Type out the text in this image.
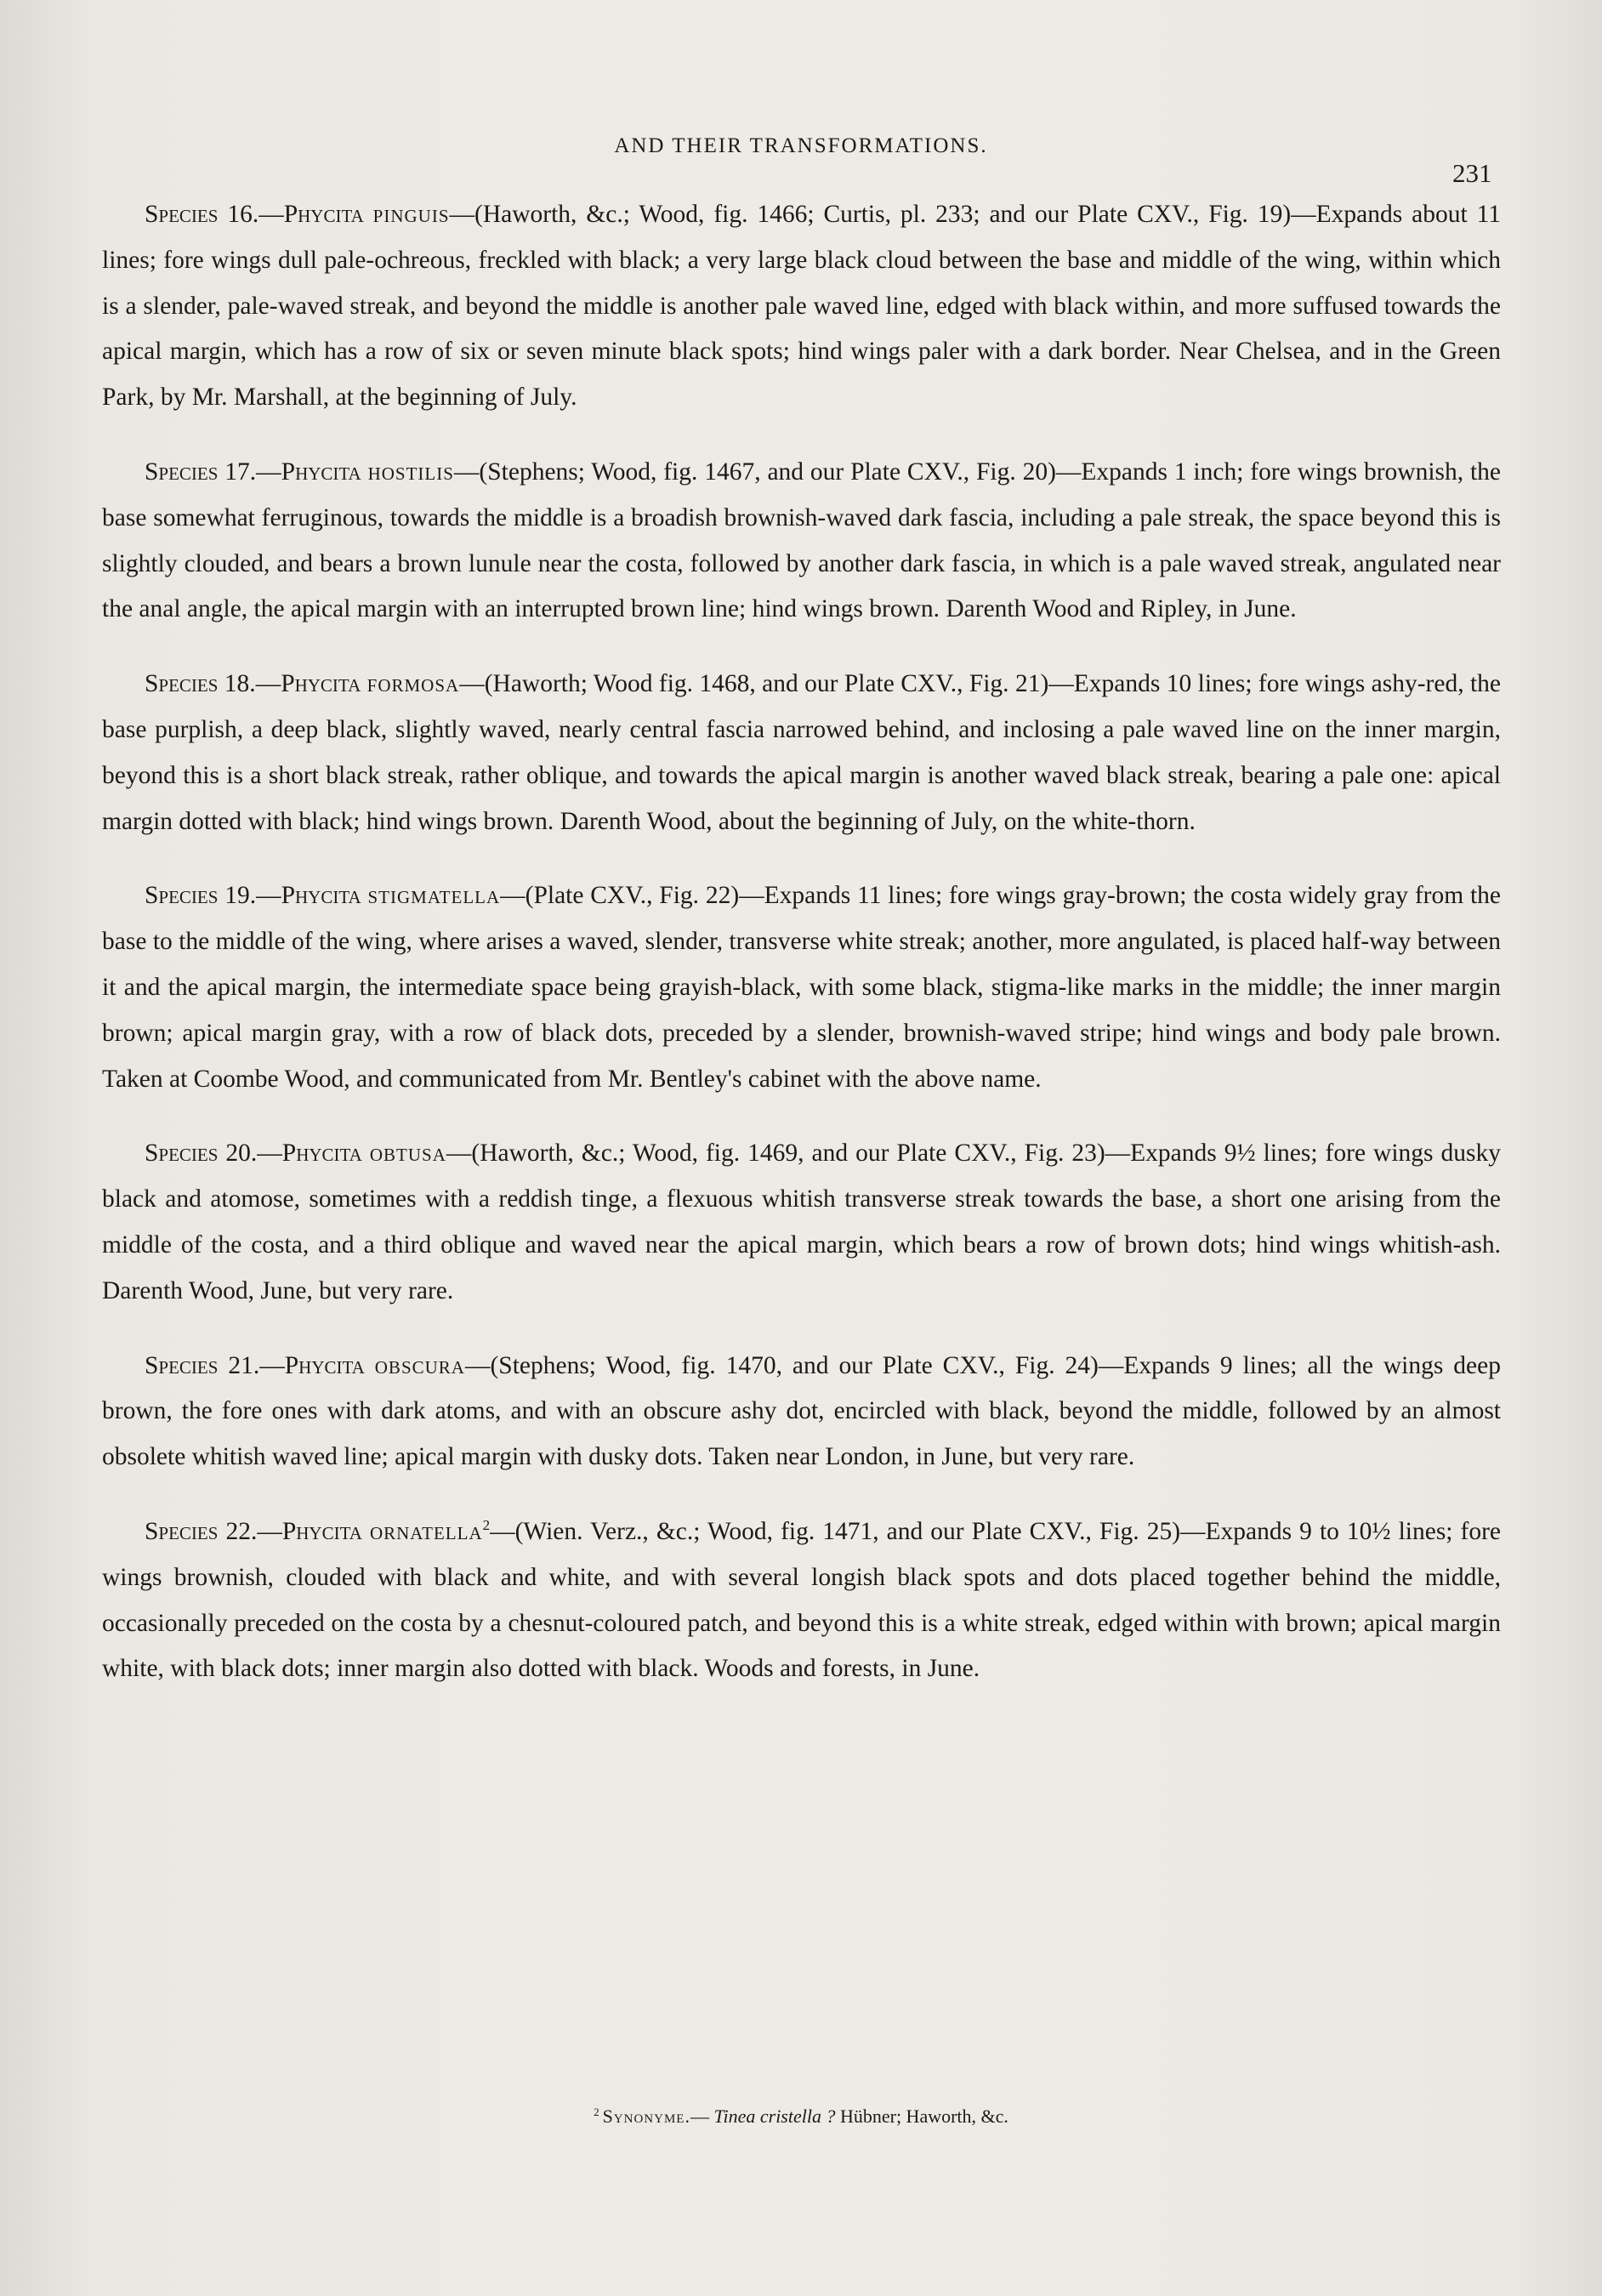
AND THEIR TRANSFORMATIONS.
231

Species 16.—Phycita pinguis—(Haworth, &c.; Wood, fig. 1466; Curtis, pl. 233; and our Plate CXV., Fig. 19)—Expands about 11 lines; fore wings dull pale-ochreous, freckled with black; a very large black cloud between the base and middle of the wing, within which is a slender, pale-waved streak, and beyond the middle is another pale waved line, edged with black within, and more suffused towards the apical margin, which has a row of six or seven minute black spots; hind wings paler with a dark border. Near Chelsea, and in the Green Park, by Mr. Marshall, at the beginning of July.

Species 17.—Phycita hostilis—(Stephens; Wood, fig. 1467, and our Plate CXV., Fig. 20)—Expands 1 inch; fore wings brownish, the base somewhat ferruginous, towards the middle is a broadish brownish-waved dark fascia, including a pale streak, the space beyond this is slightly clouded, and bears a brown lunule near the costa, followed by another dark fascia, in which is a pale waved streak, angulated near the anal angle, the apical margin with an interrupted brown line; hind wings brown. Darenth Wood and Ripley, in June.

Species 18.—Phycita formosa—(Haworth; Wood fig. 1468, and our Plate CXV., Fig. 21)—Expands 10 lines; fore wings ashy-red, the base purplish, a deep black, slightly waved, nearly central fascia narrowed behind, and inclosing a pale waved line on the inner margin, beyond this is a short black streak, rather oblique, and towards the apical margin is another waved black streak, bearing a pale one: apical margin dotted with black; hind wings brown. Darenth Wood, about the beginning of July, on the white-thorn.

Species 19.—Phycita stigmatella—(Plate CXV., Fig. 22)—Expands 11 lines; fore wings gray-brown; the costa widely gray from the base to the middle of the wing, where arises a waved, slender, transverse white streak; another, more angulated, is placed half-way between it and the apical margin, the intermediate space being grayish-black, with some black, stigma-like marks in the middle; the inner margin brown; apical margin gray, with a row of black dots, preceded by a slender, brownish-waved stripe; hind wings and body pale brown. Taken at Coombe Wood, and communicated from Mr. Bentley's cabinet with the above name.

Species 20.—Phycita obtusa—(Haworth, &c.; Wood, fig. 1469, and our Plate CXV., Fig. 23)—Expands 9½ lines; fore wings dusky black and atomose, sometimes with a reddish tinge, a flexuous whitish transverse streak towards the base, a short one arising from the middle of the costa, and a third oblique and waved near the apical margin, which bears a row of brown dots; hind wings whitish-ash. Darenth Wood, June, but very rare.

Species 21.—Phycita obscura—(Stephens; Wood, fig. 1470, and our Plate CXV., Fig. 24)—Expands 9 lines; all the wings deep brown, the fore ones with dark atoms, and with an obscure ashy dot, encircled with black, beyond the middle, followed by an almost obsolete whitish waved line; apical margin with dusky dots. Taken near London, in June, but very rare.

Species 22.—Phycita ornatella$^2$—(Wien. Verz., &c.; Wood, fig. 1471, and our Plate CXV., Fig. 25)—Expands 9 to 10½ lines; fore wings brownish, clouded with black and white, and with several longish black spots and dots placed together behind the middle, occasionally preceded on the costa by a chesnut-coloured patch, and beyond this is a white streak, edged within with brown; apical margin white, with black dots; inner margin also dotted with black. Woods and forests, in June.

$^2$ Synonyme.— Tinea cristella ? Hübner; Haworth, &c.
